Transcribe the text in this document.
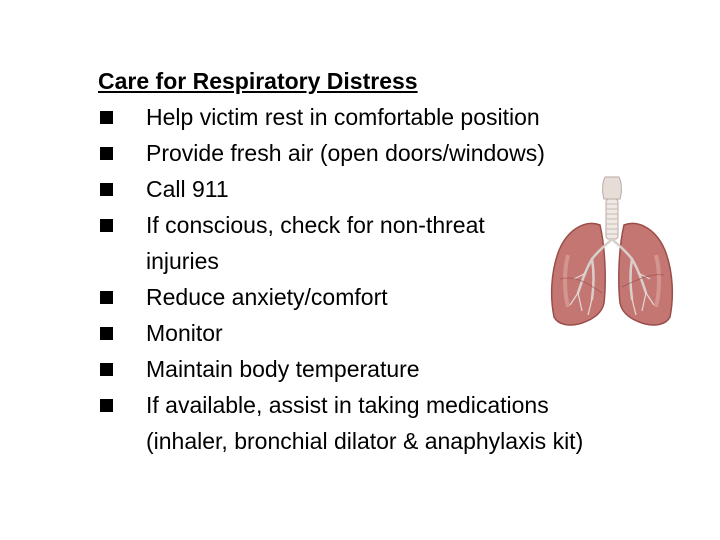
Care for Respiratory Distress
Help victim rest in comfortable position
Provide fresh air (open doors/windows)
Call 911
If conscious, check for non-threat
injuries
Reduce anxiety/comfort
Monitor
Maintain body temperature
If available, assist in taking medications
(inhaler, bronchial dilator & anaphylaxis kit)
